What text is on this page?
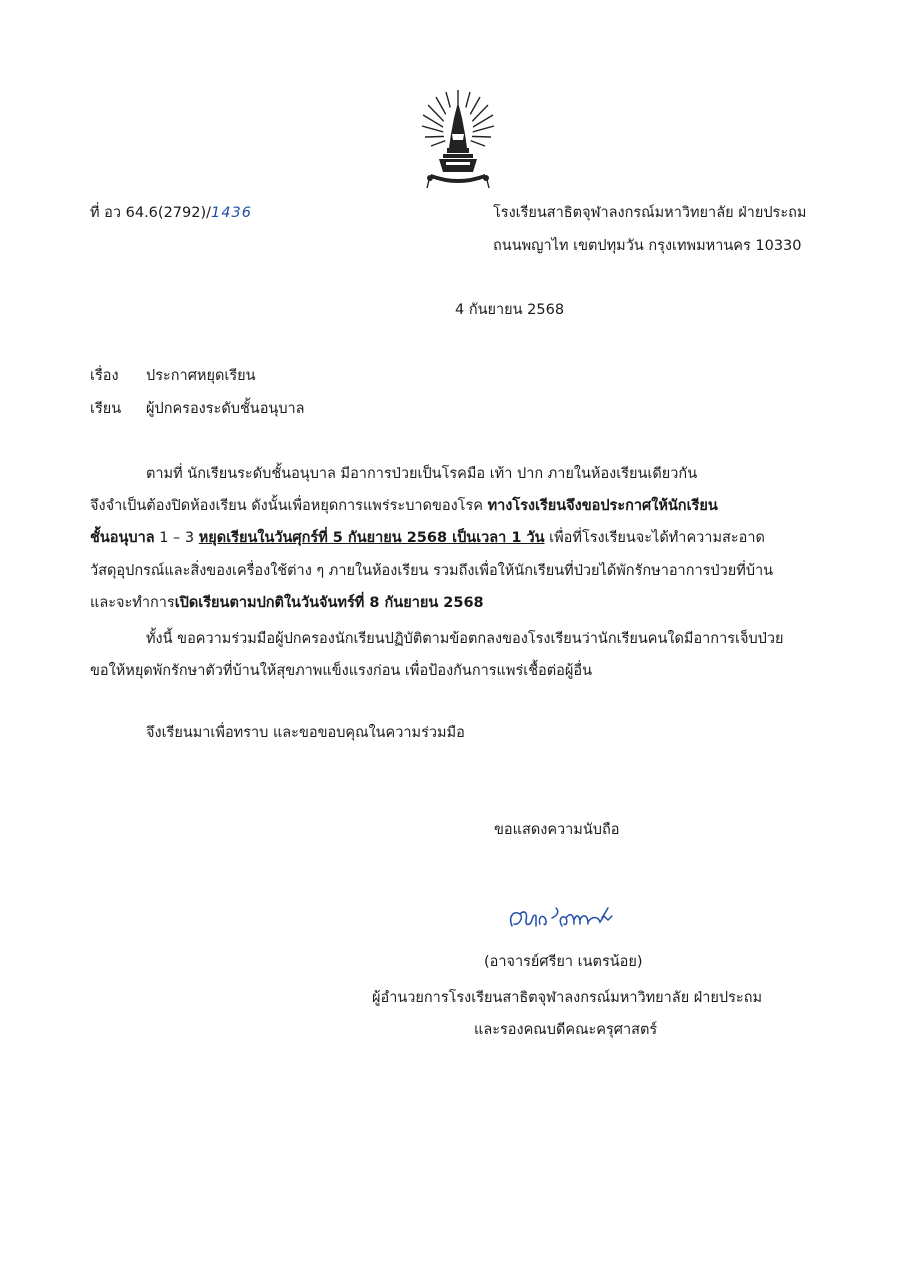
ที่ อว 64.6(2792)/1436	โรงเรียนสาธิตจุฬาลงกรณ์มหาวิทยาลัย ฝ่ายประถม
ถนนพญาไท เขตปทุมวัน กรุงเทพมหานคร 10330
4 กันยายน 2568
เรื่อง ประกาศหยุดเรียน
เรียน ผู้ปกครองระดับชั้นอนุบาล
ตามที่ นักเรียนระดับชั้นอนุบาล มีอาการป่วยเป็นโรคมือ เท้า ปาก ภายในห้องเรียนเดียวกัน
จึงจำเป็นต้องปิดห้องเรียน ดังนั้นเพื่อหยุดการแพร่ระบาดของโรค ทางโรงเรียนจึงขอประกาศให้นักเรียน
ชั้นอนุบาล 1 – 3 หยุดเรียนในวันศุกร์ที่ 5 กันยายน 2568 เป็นเวลา 1 วัน เพื่อที่โรงเรียนจะได้ทำความสะอาด
วัสดุอุปกรณ์และสิ่งของเครื่องใช้ต่าง ๆ ภายในห้องเรียน รวมถึงเพื่อให้นักเรียนที่ป่วยได้พักรักษาอาการป่วยที่บ้าน
และจะทำการเปิดเรียนตามปกติในวันจันทร์ที่ 8 กันยายน 2568
ทั้งนี้ ขอความร่วมมือผู้ปกครองนักเรียนปฏิบัติตามข้อตกลงของโรงเรียนว่านักเรียนคนใดมีอาการเจ็บป่วย
ขอให้หยุดพักรักษาตัวที่บ้านให้สุขภาพแข็งแรงก่อน เพื่อป้องกันการแพร่เชื้อต่อผู้อื่น
จึงเรียนมาเพื่อทราบ และขอขอบคุณในความร่วมมือ
ขอแสดงความนับถือ
(อาจารย์ศรียา เนตรน้อย)
ผู้อำนวยการโรงเรียนสาธิตจุฬาลงกรณ์มหาวิทยาลัย ฝ่ายประถม
และรองคณบดีคณะครุศาสตร์
